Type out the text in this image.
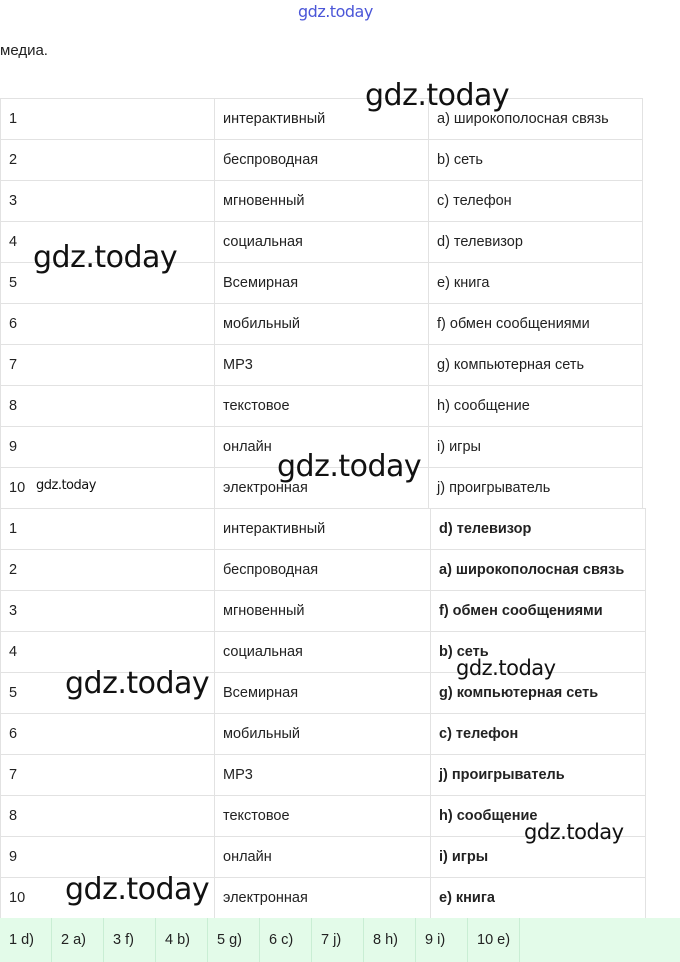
медиа.
1	интерактивный	a) широкополосная связь
2	беспроводная	b) сеть
3	мгновенный	c) телефон
4	социальная	d) телевизор
5	Всемирная	e) книга
6	мобильный	f) обмен сообщениями
7	MP3	g) компьютерная сеть
8	текстовое	h) сообщение
9	онлайн	i) игры
10	электронная	j) проигрыватель
1	интерактивный	d) телевизор
2	беспроводная	a) широкополосная связь
3	мгновенный	f) обмен сообщениями
4	социальная	b) сеть
5	Всемирная	g) компьютерная сеть
6	мобильный	c) телефон
7	MP3	j) проигрыватель
8	текстовое	h) сообщение
9	онлайн	i) игры
10	электронная	e) книга
1 d)	2 a)	3 f)	4 b)	5 g)	6 c)	7 j)	8 h)	9 i)	10 e)
gdz.today
gdz.today
gdz.today
gdz.today
gdz.today
gdz.today
gdz.today
gdz.today
gdz.today
